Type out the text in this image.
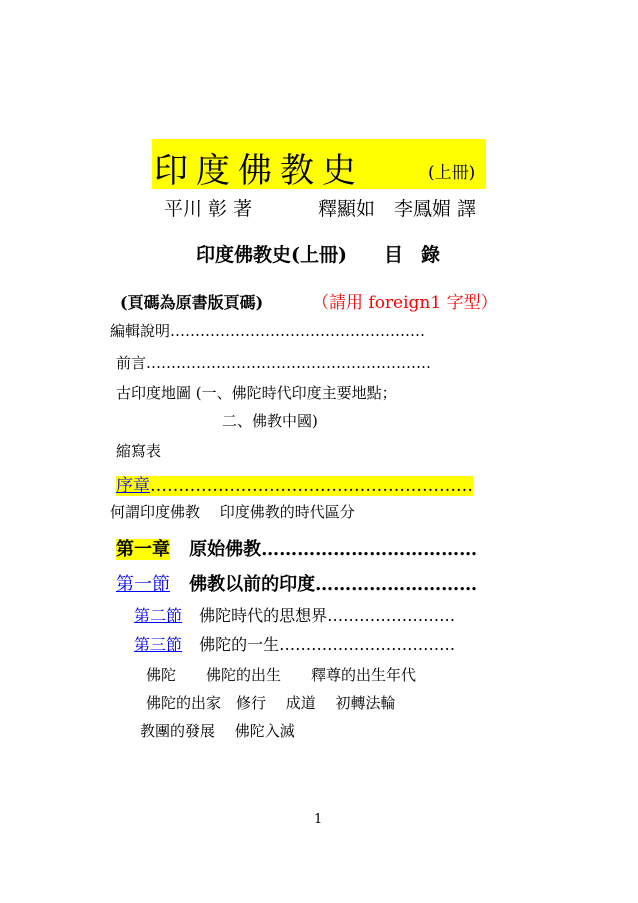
印度佛教史	(上冊)
平川 彰 著	釋顯如　李鳳媚 譯
印度佛教史(上冊) 目錄
(頁碼為原書版頁碼)	（請用 foreign1 字型）
編輯說明……………………………………………
前言…………………………………………………
古印度地圖 (一、佛陀時代印度主要地點；
二、佛教中國)
縮寫表
序章…………………………………………………
何謂印度佛教　 印度佛教的時代區分
第一章 原始佛教………………………………
第一節 佛教以前的印度………………………
第二節 佛陀時代的思想界……………………
第三節 佛陀的一生……………………………
佛陀　　佛陀的出生　　釋尊的出生年代
佛陀的出家　修行　 成道　 初轉法輪
教團的發展　 佛陀入滅
1
